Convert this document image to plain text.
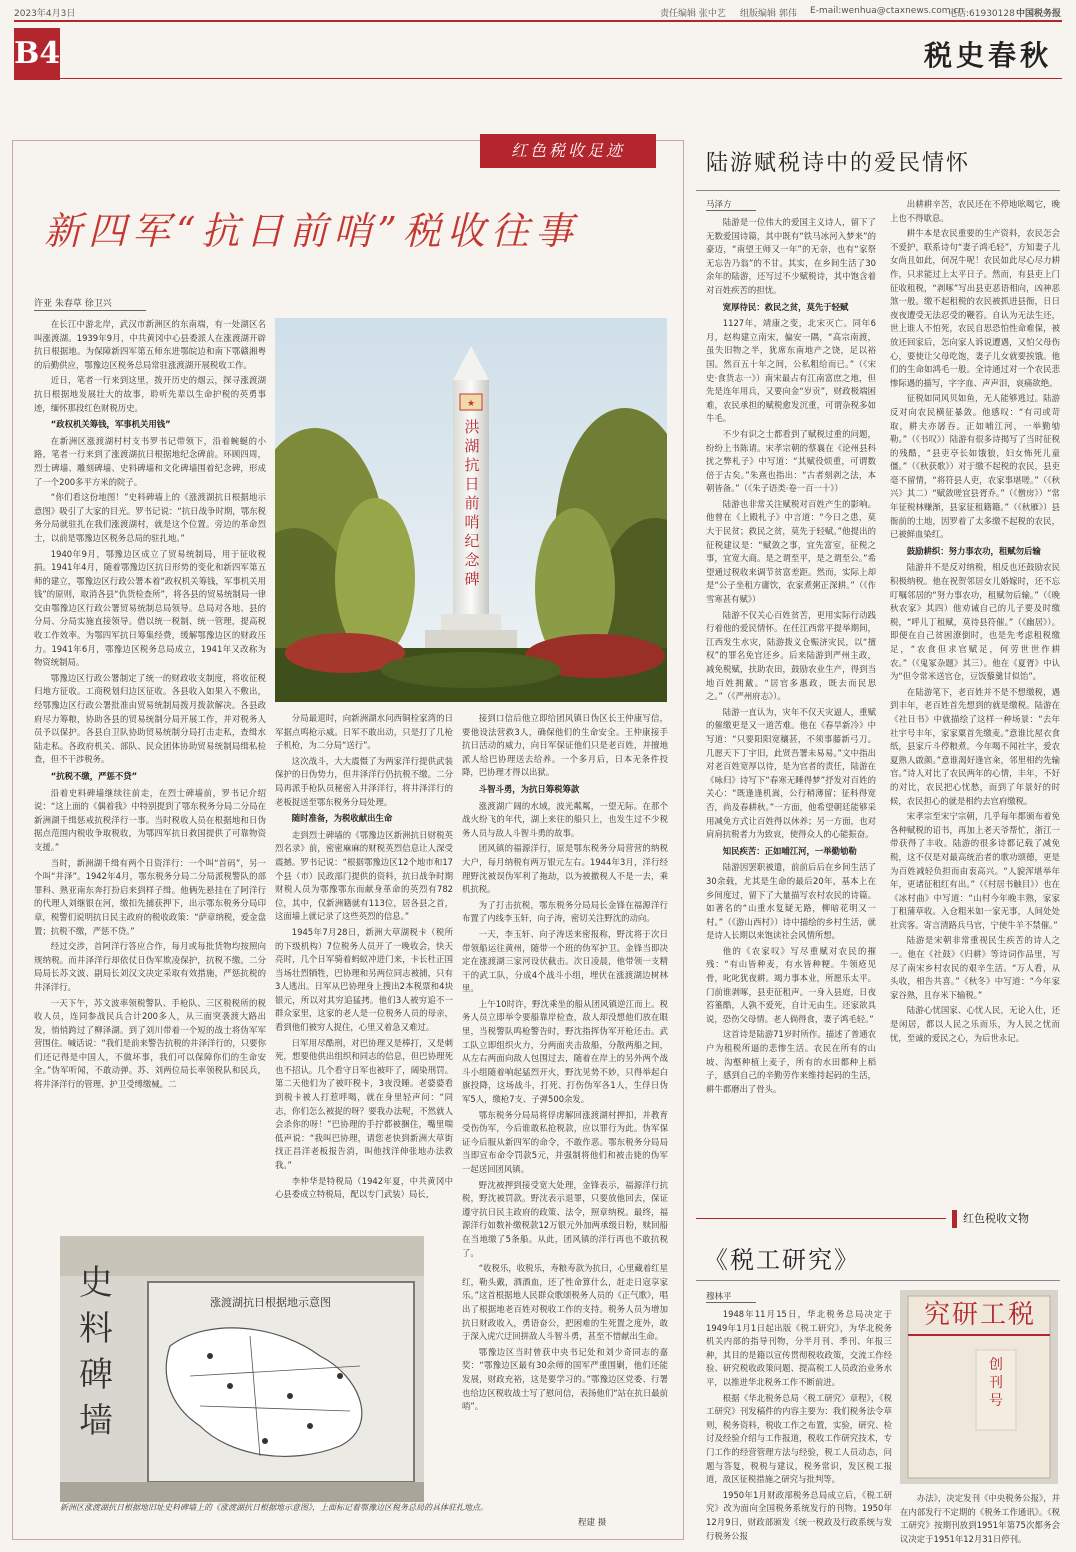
2023年4月3日	责任编辑 张中艺 组版编辑 郭伟 E-mail:wenhua@ctaxnews.com.cn
电话:61930128 中国税务报
B4	税史春秋
红色税收足迹
新四军“抗日前哨”税收往事
许亚 朱春草 徐卫兴

在长江中游北岸，武汉市新洲区的东南端，有一处湖区名叫涨渡湖。1939年9月，中共黄冈中心县委派人在涨渡湖开辟抗日根据地。为保障新四军第五师东进鄂皖边和南下鄂赣湘粤的后勤供应，鄂豫边区税务总局常驻涨渡湖开展税收工作。

近日，笔者一行来到这里，拨开历史的烟云，探寻涨渡湖抗日根据地发展壮大的故事，聆听先辈以生命护税的英勇事迹，缅怀那段红色财税历史。

“政权机关筹钱，军事机关用钱”

在新洲区涨渡湖村村支书罗书记带领下，沿着蜿蜒的小路，笔者一行来到了涨渡湖抗日根据地纪念碑前。环顾四周，烈士碑墙、雕刻碑墙、史料碑墙和文化碑墙围着纪念碑，形成了一个200多平方米的院子。

“你们看这份地图！”史料碑墙上的《涨渡湖抗日根据地示意图》吸引了大家的目光。罗书记说：“抗日战争时期，鄂东税务分局就驻扎在我们涨渡湖村，就是这个位置。旁边的革命烈士，以前是鄂豫边区税务总局的驻扎地。”

1940年9月，鄂豫边区成立了贸易统制局，用于征收税捐。1941年4月，随着鄂豫边区抗日形势的变化和新四军第五师的建立，鄂豫边区行政公署本着“政权机关筹钱，军事机关用钱”的原则，取消各县“仇货检查所”，将各县的贸易统制局一律交由鄂豫边区行政公署贸易统制总局领导。总局对各地、县的分局、分局实施直接领导。借以统一税制、统一管理，提高税收工作效率。为鄂四军抗日筹集经费，缓解鄂豫边区的财政压力。1941年6月，鄂豫边区税务总局成立，1941年又改称为物资统制局。

鄂豫边区行政公署制定了统一的财政收支制度，将收征税归地方征收。工商税划归边区征收。各县收入如果入不敷出，经鄂豫边区行政公署批准由贸易统制局拨月拨款解决。各县政府尽力筹粮，协助各县的贸易统制分局开展工作，并对税务人员予以保护。各县自卫队协助贸易统制分局打击走私，查缉水陆走私。各政府机关、部队、民众团体协助贸易统制局缉私检查，但不干涉税务。

“抗税不缴，严惩不贷”

沿着史料碑墙继续往前走，在烈士碑墙前，罗书记介绍说：“这上面的《偶着我》中特别提到了鄂东税务分局二分局在新洲湖千缉惩戒抗税洋行一事。当时税收人员在根据地和日伪据点范围内税收争取税收，为鄂四军抗日救国提供了可靠物资支援。”

当时，新洲湖千缉有两个日资洋行：一个叫“首码”，另一个叫“井泽”。1942年4月，鄂东税务分局二分局派税警队的部罪科、熟亚南东奔打扮启来到样子缉。他俩先悬挂在了阿洋行的代理人刘继银在河，缴扣先捕获押下，出示鄂东税务分局印章，税警们说明抗日民主政府的税收政策：“萨章纳税，爱金盘置；抗税不缴，严惩不贷。”

经过交涉，首阿洋行答应合作，每月或每批货物均按照向规纳税。而井泽洋行却依仗日伪军欺凌保护，抗税不缴。二分局局长苏文波、副局长刘汉文决定采取有效措施，严惩抗税的井泽洋行。

一天下午，苏文波率领税警队、手枪队、三区税税所的税收人员，连同参战民兵合计200多人，从三面突袭渡大路出发，悄悄跨过了柳泽湖。到了刘川带着一个短的战士将伪军军营围住。喊话说：“我们是前来警告抗税的井泽洋行的，只要你们还记得是中国人，不做坏事，我们可以保障你们的生命安全。”伪军听闻，不敢动弹。苏、刘两位局长率领税队和民兵，将井泽洋行的管理、护卫受缚缴械。二

★
洪湖抗日前哨纪念碑

分局最退时，向新洲湖水问西铜栓家湾的日军据点鸣枪示威。日军不敢出动，只是打了几枪子机枪，为二分局“送行”。

这次战斗，大大震慑了为两家洋行提供武装保护的日伪势力，但井泽洋行仍抗税不缴。二分局再派手枪队员秘密入井泽洋行，将井泽洋行的老板捉送至鄂东税务分局处理。

随时准备，为税收献出生命

走到烈士碑墙的《鄂豫边区新洲抗日财税英烈名录》前，密密麻麻的财税英烈信息让人深受震撼。罗书记说：“根据鄂豫边区12个地市和17个县（市）民政部门提供的资料，抗日战争时期财税人员为鄂豫鄂东而献身革命的英烈有782位，其中，仅新洲籍就有113位，居各县之首，这面墙上就记录了这些英烈的信息。”

1945年7月28日，新洲大草湖税卡（税所的下级机构）7位税务人员开了一晚收会，快天亮时，几个日军骑着蚂蚁冲进门来，卡长杜正国当场壮烈牺牲，巴协理和另两位同志被捕，只有3人逃出。日军从巴协理身上搜出2本税票和4块银元，所以对其穷追猛拷。他们3人被穷追不一群众家里，这家的老人是一位税务人员的母亲，看到他们被穷人捉住，心里又着急又难过。

日军用尽酷刑，对巴协理又是棒打，又是刺死，想要他供出组织和同志的信息，但巴协理死也不招认。几个看守日军也被吓了，阔染刑罚。第二天他们为了被吓税卡，3夜没睡。老婆婆看到税卡被人打惹呼喝，就在身里轻声问：“同志，你们怎么被捉的呀？要我办法呢，不然就人会杀你的呀！”巴协理的手拧都被捆住，嘴里喘低声说：“我叫巴协理，请您老快到新洲大草街找正昌洋老板报告消，叫他找洋伸张地办法救我。”

李仲华是特税局（1942年夏，中共黄冈中心县委成立特税局，配以专门武装）局长，

接到口信后他立即给团风镇日伪区长王仲康写信，要他设法营救3人，确保他们的生命安全。王仲康接手抗日活动的威力，向日军保证他们只是老百姓，并擅地派人给巴协理送去给养。一个多月后，日本无条件投降，巴协理才得以出狱。

斗智斗勇，为抗日筹税筹款

涨渡湖广阔的水域，波光粼粼，一望无际。在那个战火纷飞的年代，湖上来往的船只上，也发生过不少税务人员与敌人斗智斗勇的故事。

团风镇的福源洋行，原是鄂东税务分局营营的纳税大户，每月纳税有两万银元左右。1944年3月，洋行经理野沈被误伪军利了拖劫，以为被撤税人不是一去，乘机抗税。

为了打击抗税，鄂东税务分局局长金锋在福源洋行布置了内线李玉轩，向子涛，密切关注野沈的动向。

一天，李玉轩、向子涛送来密报称，野沈将于次日带领船运往黄州，随带一个班的伪军护卫。金锋当即决定在涨渡湖三家河设伏截击。次日凌晨，他带领一支精干的武工队，分成4个战斗小组，埋伏在涨渡湖边树林里。

上午10时许，野沈乘坐的船从团风镇逆江而上。税务人员立即举令要船靠岸检查，敌人却没想他们放在眼里，当税警队鸣枪警告时，野沈指挥伪军开枪还击。武工队立即组织火力，分两面夹击敌船，分散两船之间，从左右两面向敌人包围过去，随着在岸上的另外两个战斗小组随着响起猛烈开火，野沈见势不妙，只得举起白旗投降，这场战斗，打死、打伤伪军各1人，生俘日伪军5人，缴枪7支、子弹500余发。

鄂东税务分局局将俘虏解回涨渡湖村押扣，并教育受伤伪军，今后谁敢私抢税款，应以罪行为此。伪军保证今后服从新四军的命令，不敢作恶。鄂东税务分局局当即宣布命令罚款5元，并强制将他们和被击毙的伪军一起送回团风镇。

野沈被押到接受宽大处理，金锋表示，福源洋行抗税，野沈被罚款。野沈表示退罪，只要放他回去，保证遵守抗日民主政府的政策、法令，照章纳税。最终，福源洋行如数补缴税款12万银元外加两承级日粉，赎回船在当地缴了5条船。从此，团风镇的洋行再也不敢抗税了。

“收税乐，收税乐，寿粮寿款为抗日，心里藏着红星红，勒头戴，酒酒血，还了性命算什么，赶走日寇享家乐。”这首根据地人民群众歌颂税务人员的《正气歌》，唱出了根据地老百姓对税收工作的支持。税务人员为增加抗日财政收入，勇语奋公，把困难的生死置之度外，敢于深入虎穴迂回拼敌人斗智斗勇，甚至不惜献出生命。

鄂豫边区当时曾获中央书记处和刘少奇同志的嘉奖：“鄂豫边区最有30余师的国军严重围剿，他们还能发展，财政充裕，这是要学习的。”鄂豫边区党委、行署也给边区税收战士写了慰问信，表扬他们“站在抗日最前哨”。

史料碑墙
涨渡湖抗日根据地示意图
新洲区涨渡湖抗日根据地旧址史料碑墙上的《涨渡湖抗日根据地示意图》，上面标记着鄂豫边区税务总局的具体驻扎地点。
程建 摄
陆游赋税诗中的爱民情怀
马泽方

陆游是一位伟大的爱国主义诗人，留下了无数爱国诗篇，其中既有“铁马冰河入梦来”的豪迈，“南望王师又一年”的无奈，也有“家祭无忘告乃翁”的不甘。其实，在乡间生活了30余年的陆游，还写过不少赋税诗，其中饱含着对百姓疾苦的担忧。

宽厚待民：救民之贫，莫先于轻赋

1127年，靖康之变，北宋灭亡。同年6月，赵构建立南宋，偏安一隅，“高宗南渡，虽失旧物之半，犹席东南地产之饶，足以裕国。然百五十年之间，公私粗给而已。”（《宋史·食货志一》）南宋最占有江南富庶之地，但先是连年用兵，又要向金“岁贡”，财政极端困难，农民承担的赋税愈发沉重，可谓杂税多如牛毛。

不少有识之士都看到了赋税过重的问题，纷纷上书陈请。宋孝宗朝的蔡襄在《论州县科扰之弊札子》中写道：“其赋役烦重，可谓数倍于古矣。”朱熹也指出：“古者刻剥之法，本朝皆备。”（《朱子语类·卷一百一十》）

陆游也非常关注赋税对百姓产生的影响。他曾在《上殿札子》中言道：“今日之患，莫大于民贫；救民之贫，莫先于轻赋。”他提出的征税建议是：“赋敛之事，宜先富室，征税之事，宜宽大商。是之谓至平，是之谓至公。”希望通过税收来调节贫富差距。然而，实际上却是“公子坐租方庸饮，农家煮粥正深耕。”（《作雪寒甚有赋》）

陆游不仅关心百姓贫苦，更用实际行动践行着他的爱民情怀。在任江西常平提举期间，江西发生水灾，陆游拨义仓赈济灾民，以“擅权”的罪名免官还乡。后来陆游到严州主政，减免税赋，扶助农田，鼓励农业生产，得到当地百姓拥戴。“居官多惠政，既去而民思之。”（《严州府志》）。

陆游一直认为，灾年不仅天灾逼人，重赋的催缴更是又一道苦难。他在《春旱新冷》中写道：“只要阳阳宽穰甚，不须事藤新弓刀。几愿天下丁宇旧，此贤吾署未易易。”文中指出对老百姓宽厚以待，是为官者的责任，陆游在《咏归》诗写下“春寒无睡得梦”抒发对百姓的关心：“既逢逢机嵩，公行稍薄留；征科得宽否，尚及春耕秋。”一方面，他希望朝廷能够采用减免方式让百姓得以休养；另一方面，也对肩肩抗税者力为致哀，使得众人的心能振奋。

知民疾苦：正如哺江河，一举勤劬勒

陆游因罢职被遣，前前后后在乡间生活了30余载，尤其是生命的最后20年，基本上在乡间度过，留下了大量描写农村农民的诗篇。如著名的“山重水复疑无路，柳暗花明又一村。”（《游山西村》）诗中描绘的乡村生活，就是诗人长期以来饱读社会风情所想。

他的《农家叹》写尽重赋对农民的摧残：“有山皆种麦，有水皆种粳。牛领疮见骨，叱叱犹夜耕。竭力事本业，所愿乐太平。门前谁剥啄，县吏征租声。一身入县庭，日夜笞箠酷，人孰不爱死，自计无由生。还家欲具说，恐伤父母情。老人倘得食，妻子鸿毛轻。”

这首诗是陆游71岁时所作。描述了普通农户为租税所逼的悲惨生活。农民在所有的山坡、沟壑种植上麦子，所有的水田都种上稻子，感到自己的辛勤劳作来维持起码的生活，耕牛都磨出了骨头。

出耕耕辛苦，农民还在不停地吆喝它，晚上也不得歇息。

耕牛本是农民重要的生产资料，农民怎会不爱护，联系诗句“妻子鸿毛轻”，方知妻子儿女尚且如此，何况牛呢！农民如此尽心尽力耕作，只求能过上太平日子。然而，有县吏上门征收租税，“剥啄”写出县吏恶语相向，凶神恶煞一般。缴不起租税的农民被抓进县衙，日日夜夜遭受无法忍受的鞭笞。自认为无法生还，世上谁人不怕死，农民自思恐怕性命难保，被放还回家后，怎向家人诉说遭遇，又怕父母伤心，要使让父母吃饱，妻子儿女就要挨饿。他们的生命如鸿毛一般。全诗通过对一个农民悲惨际遇的描写，字字血、声声泪，哀痛欲绝。

征税如同风贝如鱼，无人能够逃过。陆游反对向农民横征暴敛。他感叹：“有司或苛取，耕夫亦孱吞。正如哺江河，一举勤劬勒。”（《书叹》）陆游有很多诗揭写了当时征税的残酷，“县吏亭长如饿狼，妇女怖死儿童僵。”（《秋获歌》）对于缴不起税的农民，县吏毫不留情，“将符县人吏，农家事堪嗟。”（《秋兴》其二）“赋敛嗟宜县胥乔。”（《僧房》）“常年征税林赚渐，县家征租籍籍。”（《秋雁》）县衙前的土地，因罗着了太多缴不起税的农民，已被鲜血染红。

鼓励耕织：努力事农功，租赋勿后输

陆游并不是反对纳税，相反也还鼓励农民积极纳税。他在祝贺邻居女儿婚嫁时，还不忘叮嘱邻居的“努力事农功，租赋勿后输。”（《晚秋农家》其四）他劝诫自己的儿子要及时缴税，“呼儿丁租赋，莫待县符催。”（《幽居》）。即便在自己贫困潦倒时，也是先考虑租税缴足，“农食但求官赋足，何劳世世作耕农。”（《鬼冢杂题》其三）。他在《夏胥》中认为“但令常米送官仓，豆饭藜羹甘似饴”。

在陆游笔下，老百姓并不是不想缴税，遇到丰年，老百姓首先想到的就是缴税。陆游在《社日书》中就描绘了这样一种场景：“去年社宇号丰年，家家粟首先缴麦。”意谁比屋衣食纸，县家斤斗停粮煮。今年喝不闻社字，爱农夏熟人啟颜。”意谁渴好逢官籴，邻里相约先输官。”诗人对比了农民两年的心情，丰年，不好的对比，农民把心忧愁，而到了年景好的时候，农民担心的就是相约去官府缴税。

宋孝宗至宋宁宗朝，几乎每年都颁布着免各种赋税的诏书，再加上老天爷帮忙，浙江一带获得了丰收。陆游的很多诗都记载了减免税，这不仅是对最高统治者的歌功颂德，更是为百姓减轻负担而由衷高兴。“人貌浑堪举年年，更诸征租红有出。”（《村居书触目》）也在《冰村曲》中写道：“山村今年晚丰熟，家家丁租蒲草收。入仓粗米如一家无事，人间处处社宾客。寄言清路兵马官，宁使牛羊不禁催。”

陆游是宋朝非常重视民生疾苦的诗人之一。他在《社鼓》《归耕》等诗词作品里，写尽了南宋乡村农民的艰辛生活。“万人看，从头收，相告共喜。”《秋冬》中写道：“今年家家谷熟，且存米下输税。”

陆游心忧国家、心忧人民，无论入仕，还是闲居，都以人民之乐而乐，为人民之忧而忧，至诚的爱民之心，为后世永记。

红色税收文物
《税工研究》
穆林平

1948年11月15日，华北税务总局决定于1949年1月1日起出版《税工研究》，为华北税务机关内部的指导刊物，分半月刊、季刊、年报三种，其目的是籍以宣传贯彻税收政策，交流工作经验、研究税收政策问题、提高税工人员政治业务水平，以推进华北税务工作不断前进。

根据《华北税务总局〈税工研究〉章程》，《税工研究》刊发稿件的内容主要为：我们税务法令草则，税务资料，税收工作之布置，实验，研究、检讨及经验介绍与工作报道，税收工作研究技术，专门工作的经营管理方法与经验，税工人员动态，问题与答复，税税与建议，税务常识，发区税工报道，敌区征税措施之研究与批判等。

1950年1月财政部税务总局成立后，《税工研究》改为面向全国税务系统发行的刊物。1950年12月9日，财政部颁发《统一税政及行政系统与发行税务公报

究研工税
创刊号

办法》，决定发刊《中央税务公报》，并在内部发行不定期的《税务工作通讯》。《税工研究》按期刊放到1951年第75次都务会议决定于1951年12月31日停刊。
